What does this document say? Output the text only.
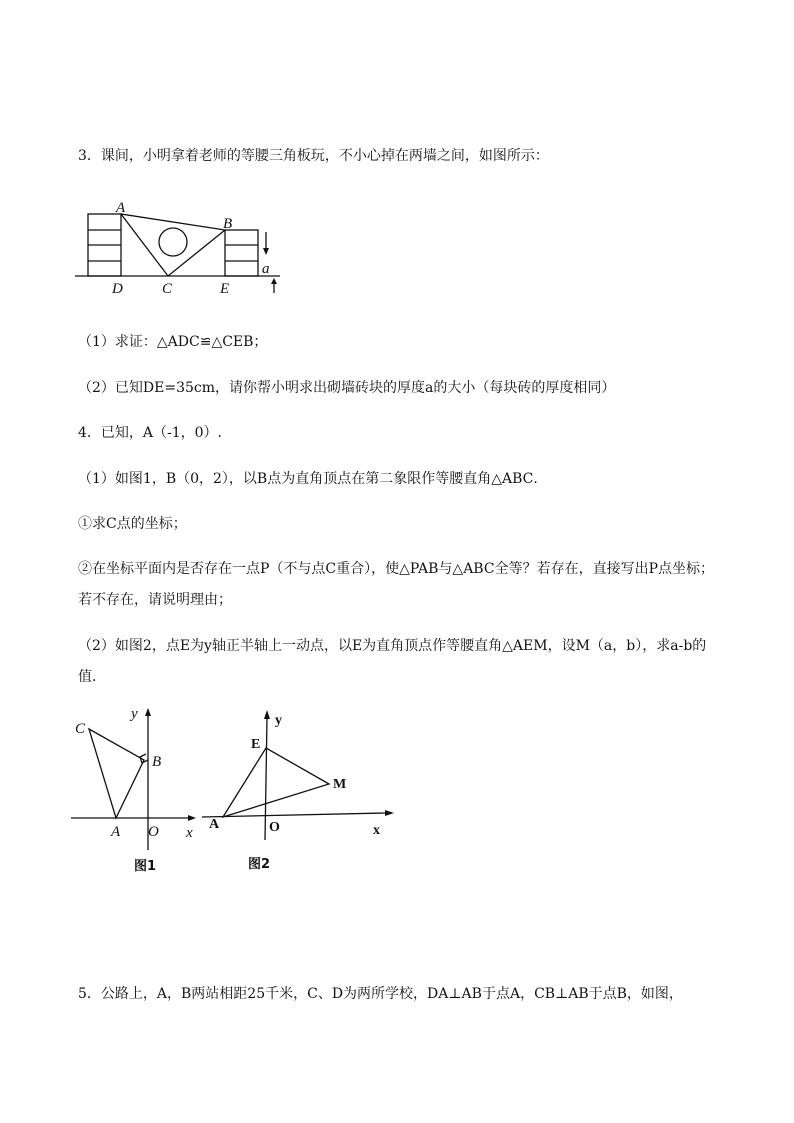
3．课间，小明拿着老师的等腰三角板玩，不小心掉在两墙之间，如图所示：
A
B
C
D	E
a
（1）求证：△ADC≌△CEB；
（2）已知DE=35cm，请你帮小明求出砌墙砖块的厚度a的大小（每块砖的厚度相同）
4．已知，A（-1，0）.
（1）如图1，B（0，2），以B点为直角顶点在第二象限作等腰直角△ABC．
①求C点的坐标；
②在坐标平面内是否存在一点P（不与点C重合），使△PAB与△ABC全等？若存在，直接写出P点坐标；
若不存在，请说明理由；
（2）如图2，点E为y轴正半轴上一动点，以E为直角顶点作等腰直角△AEM，设M（a，b），求a-b的
值．
C
B
A O x
y
图1
E
M
A	O	x
y
图2
5．公路上，A，B两站相距25千米，C、D为两所学校，DA⊥AB于点A，CB⊥AB于点B，如图，
